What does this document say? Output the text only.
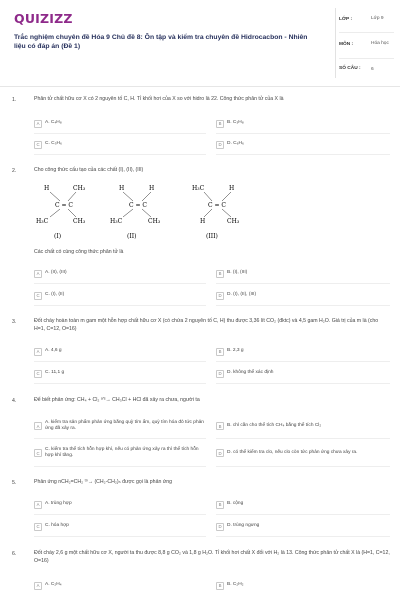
QUIZIZZ
Trắc nghiệm chuyên đề Hóa 9 Chủ đề 8: Ôn tập và kiểm tra chuyên đề Hidrocacbon - Nhiên liệu có đáp án (Đề 1)
LỚP :	Lớp 9
MÔN :	Hóa học
SỐ CÂU : 6
1.	Phân tử chất hữu cơ X có 2 nguyên tố C, H. Tỉ khối hơi của X so với hidro là 22. Công thức phân tử của X là
A	A. C₄H₈	B	B. C₃H₈
C	C. C₃H₆	D	D. C₆H₆
2.	Cho công thức cấu tạo của các chất (I), (II), (III)
H	CH₃
C = C
H₃C	CH₃
(I)
H	H
C = C
H₃C	CH₃
(II)
H₃C	H
C = C
H	CH₃
(III)
Các chất có cùng công thức phân tử là
A	A. (II), (III)	B	B. (I), (III)
C	C. (I), (II)	D	D. (I), (II), (III)
3.	Đốt cháy hoàn toàn m gam một hỗn hợp chất hữu cơ X (có chứa 2 nguyên tố C, H) thu được 3,36 lít CO₂ (đktc) và 4,5 gam H₂O. Giá trị của m là (cho H=1, C=12, O=16)
A	A. 4,6 g	B	B. 2,3 g
C	C. 11,1 g	D	D. không thể xác định
4.	Để biết phản ứng: CH₄ + Cl₂ ᵃ'ˢ→ CH₃Cl + HCl đã xảy ra chưa, người ta
A
A. kiểm tra sản phẩm phản ứng bằng quỳ tím ẩm, quỳ tím hóa đỏ tức phản ứng đã xảy ra.	B	B. chỉ cần cho thể tích CH₄ bằng thể tích Cl₂
C
C. kiểm tra thể tích hỗn hợp khí, nếu có phản ứng xảy ra thì thể tích hỗn hợp khí tăng.	D	D. có thể kiểm tra clo, nếu clo còn tức phản ứng chưa xảy ra.
5.	Phản ứng nCH₂=CH₂ ᵗ⁰→ (CH₂-CH₂)ₙ được gọi là phản ứng
A	A. trùng hợp	B	B. cộng
C	C. hóa hợp	D	D. trùng ngưng
6.	Đốt cháy 2,6 g một chất hữu cơ X, người ta thu được 8,8 g CO₂ và 1,8 g H₂O. Tỉ khối hơi chất X đối với H₂ là 13. Công thức phân tử chất X là (H=1, C=12, O=16)
A	A. C₂H₄	B	B. C₂H₂
